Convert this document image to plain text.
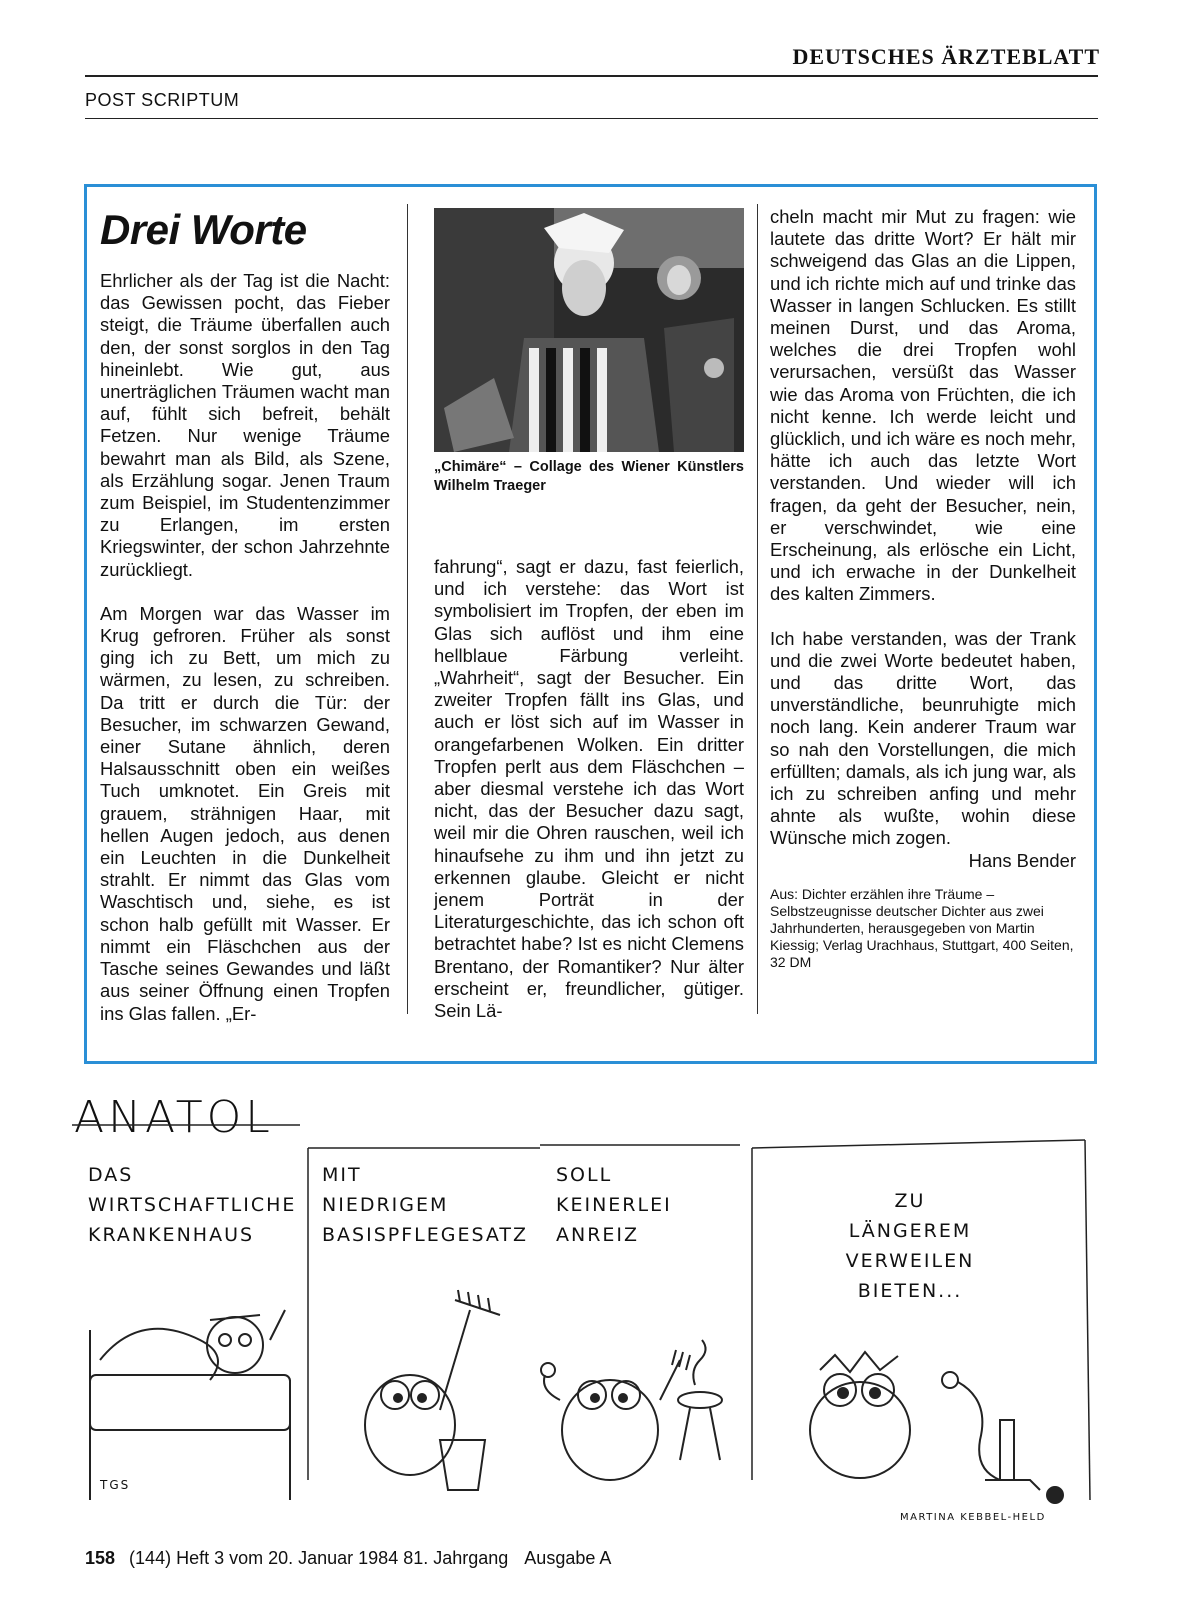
DEUTSCHES ÄRZTEBLATT
POST SCRIPTUM
Drei Worte

Ehrlicher als der Tag ist die Nacht: das Gewissen pocht, das Fieber steigt, die Träume überfallen auch den, der sonst sorglos in den Tag hineinlebt. Wie gut, aus unerträglichen Träumen wacht man auf, fühlt sich befreit, behält Fetzen. Nur wenige Träume bewahrt man als Bild, als Szene, als Erzählung sogar. Jenen Traum zum Beispiel, im Studentenzimmer zu Erlangen, im ersten Kriegswinter, der schon Jahrzehnte zurückliegt.

Am Morgen war das Wasser im Krug gefroren. Früher als sonst ging ich zu Bett, um mich zu wärmen, zu lesen, zu schreiben. Da tritt er durch die Tür: der Besucher, im schwarzen Gewand, einer Sutane ähnlich, deren Halsausschnitt oben ein weißes Tuch umknotet. Ein Greis mit grauem, strähnigen Haar, mit hellen Augen jedoch, aus denen ein Leuchten in die Dunkelheit strahlt. Er nimmt das Glas vom Waschtisch und, siehe, es ist schon halb gefüllt mit Wasser. Er nimmt ein Fläschchen aus der Tasche seines Gewandes und läßt aus seiner Öffnung einen Tropfen ins Glas fallen. „Er-

„Chimäre“ – Collage des Wiener Künstlers Wilhelm Traeger

fahrung“, sagt er dazu, fast feierlich, und ich verstehe: das Wort ist symbolisiert im Tropfen, der eben im Glas sich auflöst und ihm eine hellblaue Färbung verleiht. „Wahrheit“, sagt der Besucher. Ein zweiter Tropfen fällt ins Glas, und auch er löst sich auf im Wasser in orangefarbenen Wolken. Ein dritter Tropfen perlt aus dem Fläschchen – aber diesmal verstehe ich das Wort nicht, das der Besucher dazu sagt, weil mir die Ohren rauschen, weil ich hinaufsehe zu ihm und ihn jetzt zu erkennen glaube. Gleicht er nicht jenem Porträt in der Literaturgeschichte, das ich schon oft betrachtet habe? Ist es nicht Clemens Brentano, der Romantiker? Nur älter erscheint er, freundlicher, gütiger. Sein Lä-

cheln macht mir Mut zu fragen: wie lautete das dritte Wort? Er hält mir schweigend das Glas an die Lippen, und ich richte mich auf und trinke das Wasser in langen Schlucken. Es stillt meinen Durst, und das Aroma, welches die drei Tropfen wohl verursachen, versüßt das Wasser wie das Aroma von Früchten, die ich nicht kenne. Ich werde leicht und glücklich, und ich wäre es noch mehr, hätte ich auch das letzte Wort verstanden. Und wieder will ich fragen, da geht der Besucher, nein, er verschwindet, wie eine Erscheinung, als erlösche ein Licht, und ich erwache in der Dunkelheit des kalten Zimmers.

Ich habe verstanden, was der Trank und die zwei Worte bedeutet haben, und das dritte Wort, das unverständliche, beunruhigte mich noch lang. Kein anderer Traum war so nah den Vorstellungen, die mich erfüllten; damals, als ich jung war, als ich zu schreiben anfing und mehr ahnte als wußte, wohin diese Wünsche mich zogen.

Hans Bender
Aus: Dichter erzählen ihre Träume – Selbstzeugnisse deutscher Dichter aus zwei Jahrhunderten, herausgegeben von Martin Kiessig; Verlag Urachhaus, Stuttgart, 400 Seiten, 32 DM
ANATOL
DAS
WIRTSCHAFTLICHE
KRANKENHAUS
MIT
NIEDRIGEM
BASISPFLEGESATZ
SOLL
KEINERLEI
ANREIZ
ZU
LÄNGEREM
VERWEILEN
BIETEN...
TGS
MARTINA KEBBEL-HELD
158 (144) Heft 3 vom 20. Januar 1984 81. Jahrgang Ausgabe A
